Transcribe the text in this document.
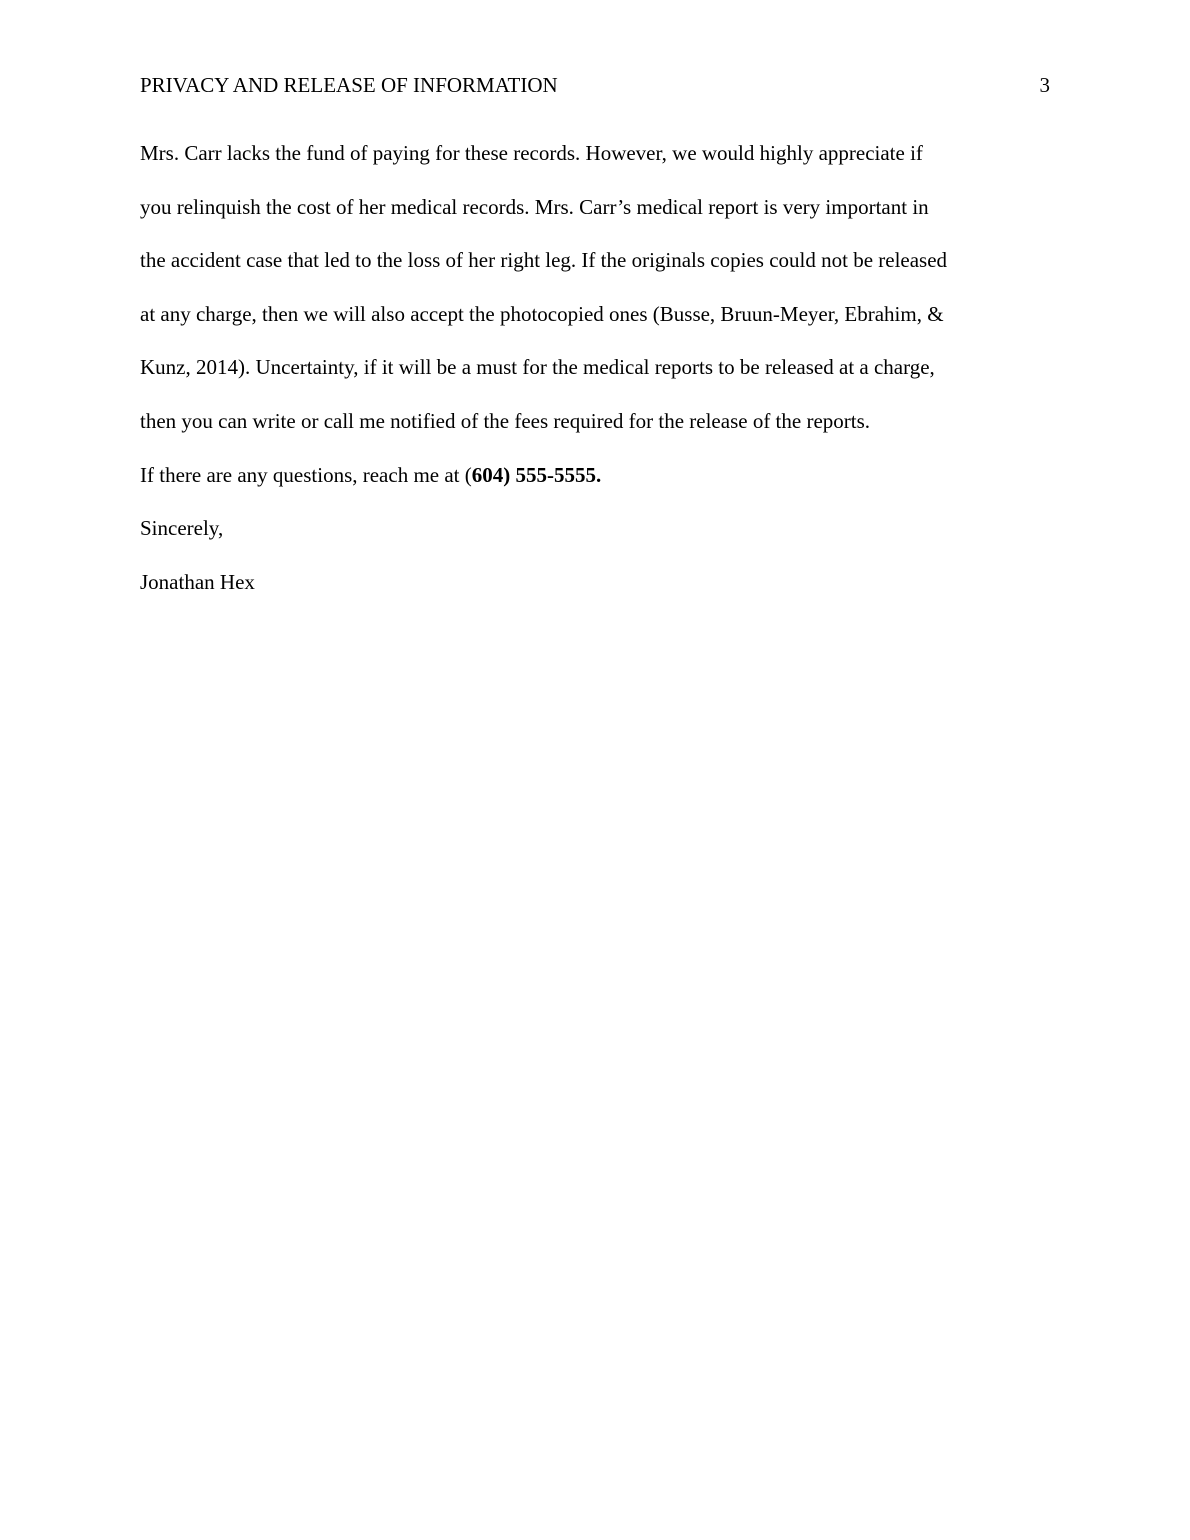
PRIVACY AND RELEASE OF INFORMATION	3
Mrs. Carr lacks the fund of paying for these records. However, we would highly appreciate if
you relinquish the cost of her medical records. Mrs. Carr’s medical report is very important in
the accident case that led to the loss of her right leg. If the originals copies could not be released
at any charge, then we will also accept the photocopied ones (Busse, Bruun-Meyer, Ebrahim, &
Kunz, 2014). Uncertainty, if it will be a must for the medical reports to be released at a charge,
then you can write or call me notified of the fees required for the release of the reports.
If there are any questions, reach me at (604) 555-5555.
Sincerely,
Jonathan Hex
